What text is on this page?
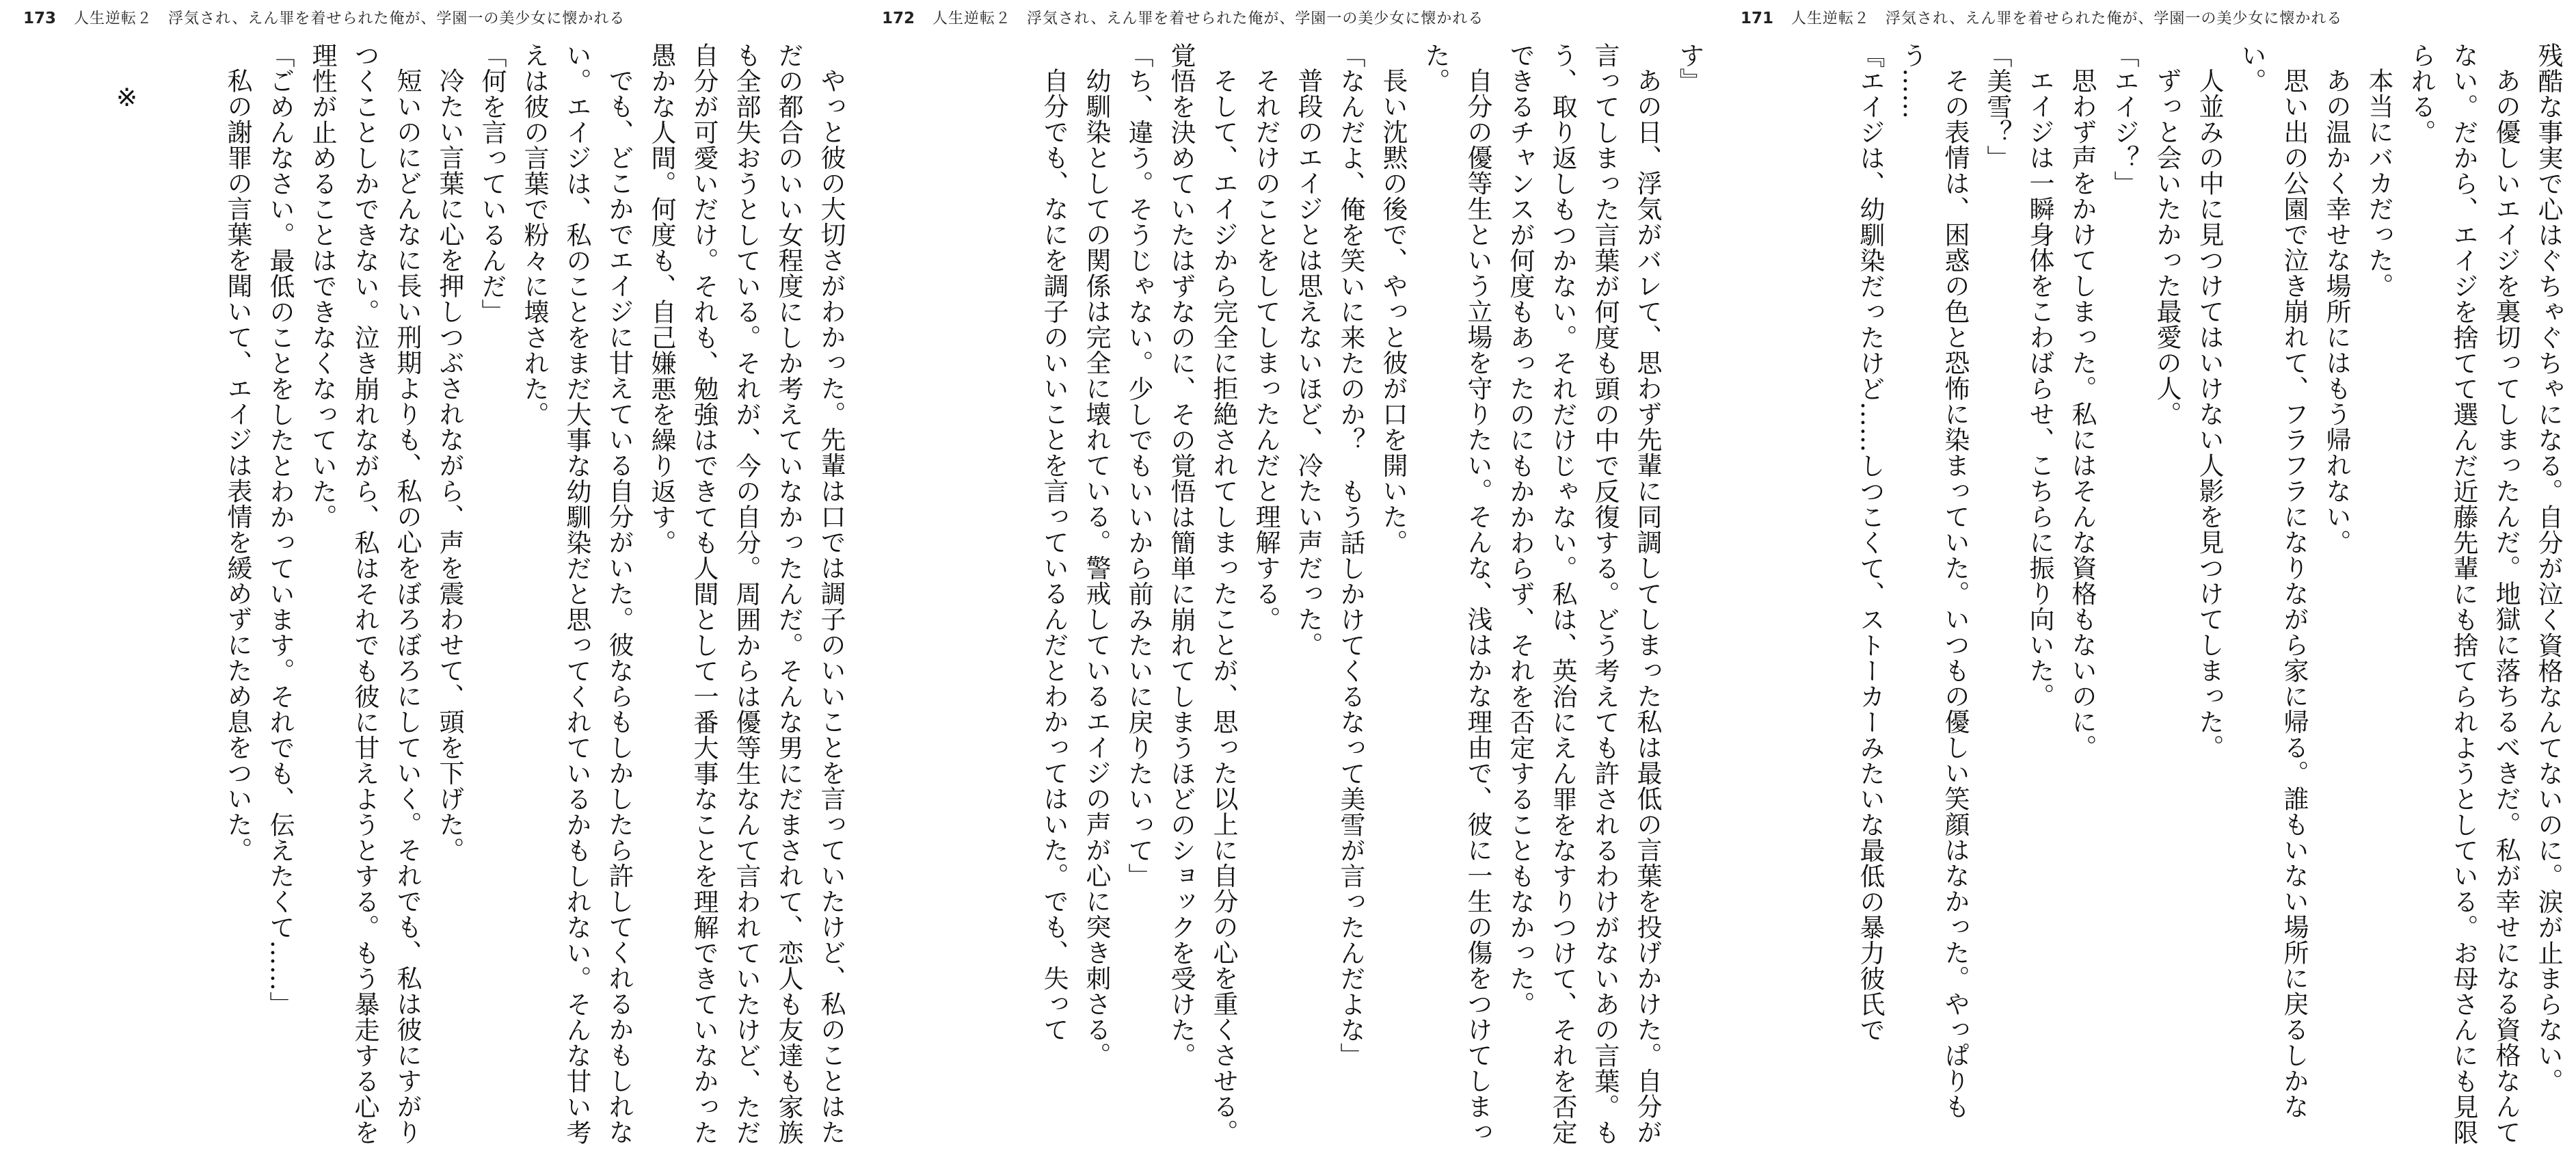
173 人生逆転２　浮気され、えん罪を着せられた俺が、学園一の美少女に懐かれる

やっと彼の大切さがわかった。先輩は口では調子のいいことを言っていたけど、私のことはただの都合のいい女程度にしか考えていなかったんだ。そんな男にだまされて、恋人も友達も家族も全部失おうとしている。それが、今の自分。周囲からは優等生なんて言われていたけど、ただ自分が可愛いだけ。それも、勉強はできても人間として一番大事なことを理解できていなかった愚かな人間。何度も、自己嫌悪を繰り返す。

でも、どこかでエイジに甘えている自分がいた。彼ならもしかしたら許してくれるかもしれない。エイジは、私のことをまだ大事な幼馴染だと思ってくれているかもしれない。そんな甘い考えは彼の言葉で粉々に壊された。

「何を言っているんだ」

冷たい言葉に心を押しつぶされながら、声を震わせて、頭を下げた。

短いのにどんなに長い刑期よりも、私の心をぼろぼろにしていく。それでも、私は彼にすがりつくことしかできない。泣き崩れながら、私はそれでも彼に甘えようとする。もう暴走する心を理性が止めることはできなくなっていた。

「ごめんなさい。最低のことをしたとわかっています。それでも、伝えたくて……」

私の謝罪の言葉を聞いて、エイジは表情を緩めずにため息をついた。

※

172 人生逆転２　浮気され、えん罪を着せられた俺が、学園一の美少女に懐かれる

す』

あの日、浮気がバレて、思わず先輩に同調してしまった私は最低の言葉を投げかけた。自分が言ってしまった言葉が何度も頭の中で反復する。どう考えても許されるわけがないあの言葉。もう、取り返しもつかない。それだけじゃない。私は、英治にえん罪をなすりつけて、それを否定できるチャンスが何度もあったのにもかかわらず、それを否定することもなかった。

自分の優等生という立場を守りたい。そんな、浅はかな理由で、彼に一生の傷をつけてしまった。

長い沈黙の後で、やっと彼が口を開いた。

「なんだよ、俺を笑いに来たのか？　もう話しかけてくるなって美雪が言ったんだよな」

普段のエイジとは思えないほど、冷たい声だった。

それだけのことをしてしまったんだと理解する。

そして、エイジから完全に拒絶されてしまったことが、思った以上に自分の心を重くさせる。覚悟を決めていたはずなのに、その覚悟は簡単に崩れてしまうほどのショックを受けた。

「ち、違う。そうじゃない。少しでもいいから前みたいに戻りたいって」

幼馴染としての関係は完全に壊れている。警戒しているエイジの声が心に突き刺さる。

自分でも、なにを調子のいいことを言っているんだとわかってはいた。でも、失って

171 人生逆転２　浮気され、えん罪を着せられた俺が、学園一の美少女に懐かれる

残酷な事実で心はぐちゃぐちゃになる。自分が泣く資格なんてないのに。涙が止まらない。

あの優しいエイジを裏切ってしまったんだ。地獄に落ちるべきだ。私が幸せになる資格なんてない。だから、エイジを捨てて選んだ近藤先輩にも捨てられようとしている。お母さんにも見限られる。

本当にバカだった。

あの温かく幸せな場所にはもう帰れない。

思い出の公園で泣き崩れて、フラフラになりながら家に帰る。誰もいない場所に戻るしかない。

人並みの中に見つけてはいけない人影を見つけてしまった。

ずっと会いたかった最愛の人。

「エイジ？」

思わず声をかけてしまった。私にはそんな資格もないのに。

エイジは一瞬身体をこわばらせ、こちらに振り向いた。

「美雪？」

その表情は、困惑の色と恐怖に染まっていた。いつもの優しい笑顔はなかった。やっぱりもう……

『エイジは、幼馴染だったけど……しつこくて、ストーカーみたいな最低の暴力彼氏で
